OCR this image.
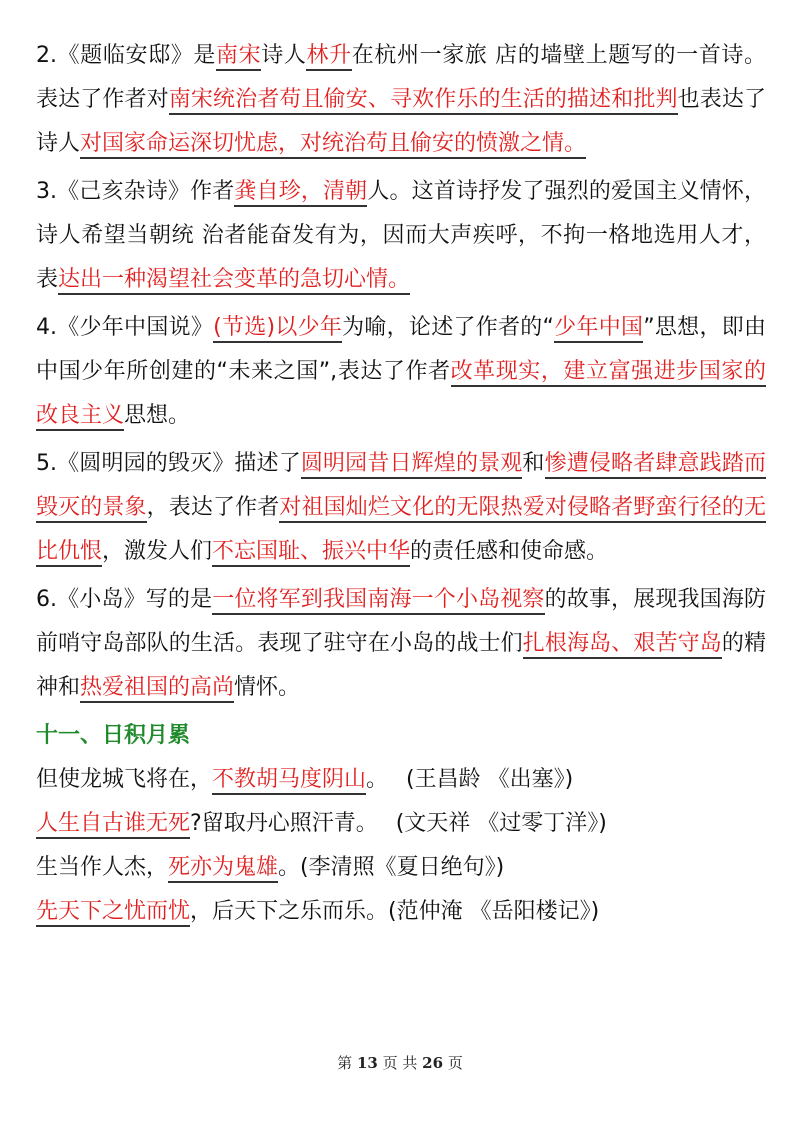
2.《题临安邸》是南宋诗人林升在杭州一家旅 店的墙壁上题写的一首诗。表达了作者对南宋统治者苟且偷安、寻欢作乐的生活的描述和批判也表达了诗人对国家命运深切忧虑，对统治苟且偷安的愤激之情。

3.《己亥杂诗》作者龚自珍，清朝人。这首诗抒发了强烈的爱国主义情怀，诗人希望当朝统 治者能奋发有为，因而大声疾呼，不拘一格地选用人才，表达出一种渴望社会变革的急切心情。

4.《少年中国说》(节选)以少年为喻，论述了作者的“少年中国”思想，即由中国少年所创建的“未来之国”,表达了作者改革现实，建立富强进步国家的改良主义思想。

5.《圆明园的毁灭》描述了圆明园昔日辉煌的景观和惨遭侵略者肆意践踏而毁灭的景象，表达了作者对祖国灿烂文化的无限热爱对侵略者野蛮行径的无比仇恨，激发人们不忘国耻、振兴中华的责任感和使命感。

6.《小岛》写的是一位将军到我国南海一个小岛视察的故事，展现我国海防前哨守岛部队的生活。表现了驻守在小岛的战士们扎根海岛、艰苦守岛的精神和热爱祖国的高尚情怀。

十一、日积月累

但使龙城飞将在，不教胡马度阴山。 (王昌龄 《出塞》)

人生自古谁无死?留取丹心照汗青。 (文天祥 《过零丁洋》)

生当作人杰，死亦为鬼雄。(李清照《夏日绝句》)

先天下之忧而忧，后天下之乐而乐。(范仲淹 《岳阳楼记》)

第 13 页 共 26 页
